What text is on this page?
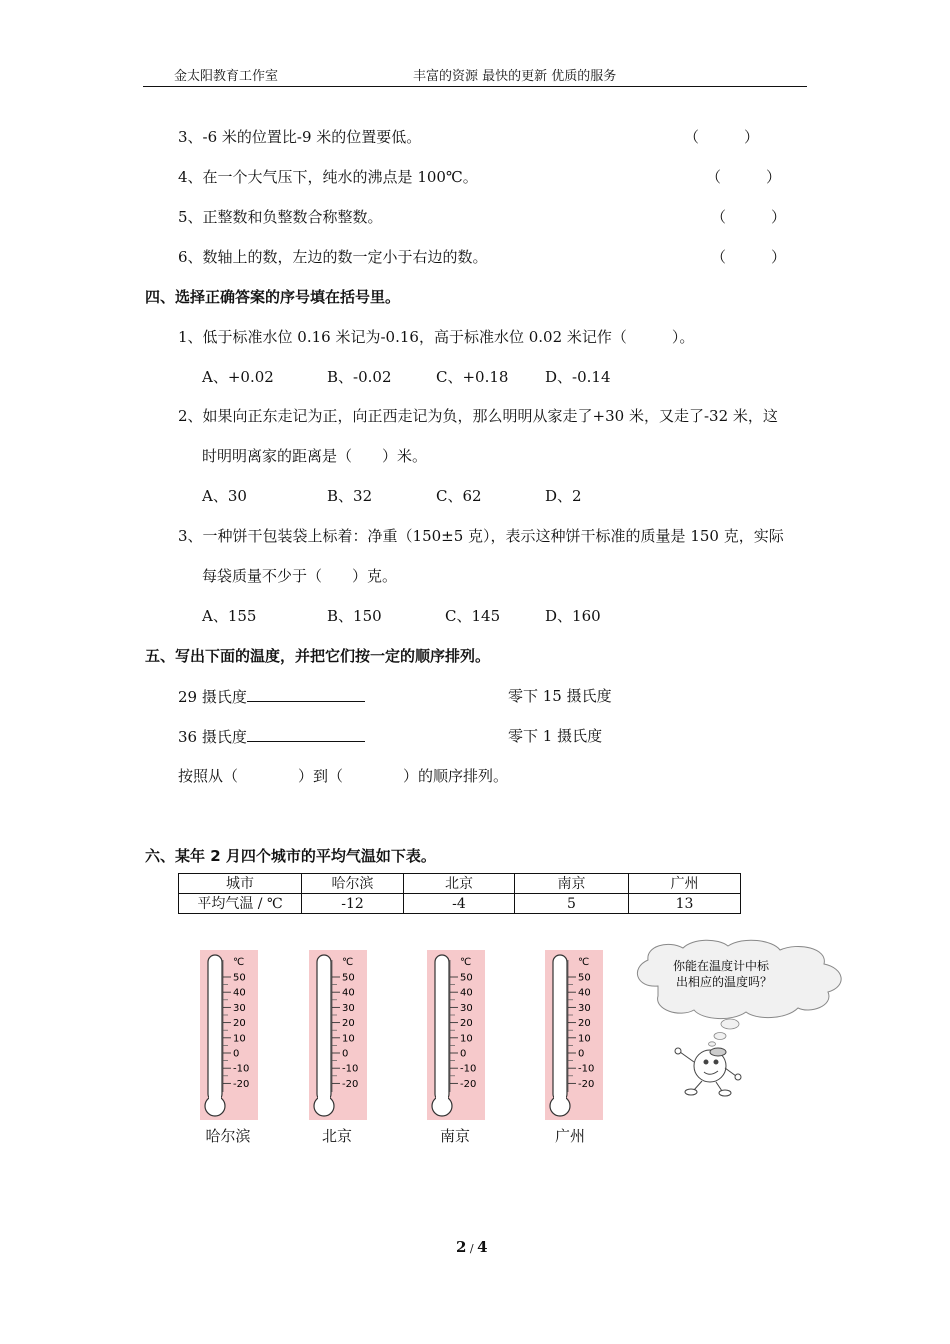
金太阳教育工作室	丰富的资源 最快的更新 优质的服务
3、-6 米的位置比-9 米的位置要低。	（　　　）
4、在一个大气压下，纯水的沸点是 100℃。	（　　　）
5、正整数和负整数合称整数。	（　　　）
6、数轴上的数，左边的数一定小于右边的数。	（　　　）
四、选择正确答案的序号填在括号里。
1、低于标准水位 0.16 米记为-0.16，高于标准水位 0.02 米记作（　　　）。
A、+0.02	B、-0.02	C、+0.18 D、-0.14
2、如果向正东走记为正，向正西走记为负，那么明明从家走了+30 米，又走了-32 米，这
时明明离家的距离是（　　）米。
A、30	B、32	C、62	D、2
3、一种饼干包装袋上标着：净重（150±5 克），表示这种饼干标准的质量是 150 克，实际
每袋质量不少于（　　）克。
A、155	B、150	C、145	D、160
五、写出下面的温度，并把它们按一定的顺序排列。
29 摄氏度	零下 15 摄氏度
36 摄氏度	零下 1 摄氏度
按照从（　　　　）到（　　　　）的顺序排列。
六、某年 2 月四个城市的平均气温如下表。
城市	哈尔滨	北京	南京	广州
平均气温 / ℃	-12	-4	5	13
℃
50
40
30
20
10
0
-10
-20
℃
50
40
30
20
10
0
-10
-20
℃
50
40
30
20
10
0
-10
-20
℃
50
40
30
20
10
0
-10
-20
哈尔滨	北京	南京	广州
你能在温度计中标
出相应的温度吗？
2 / 4
